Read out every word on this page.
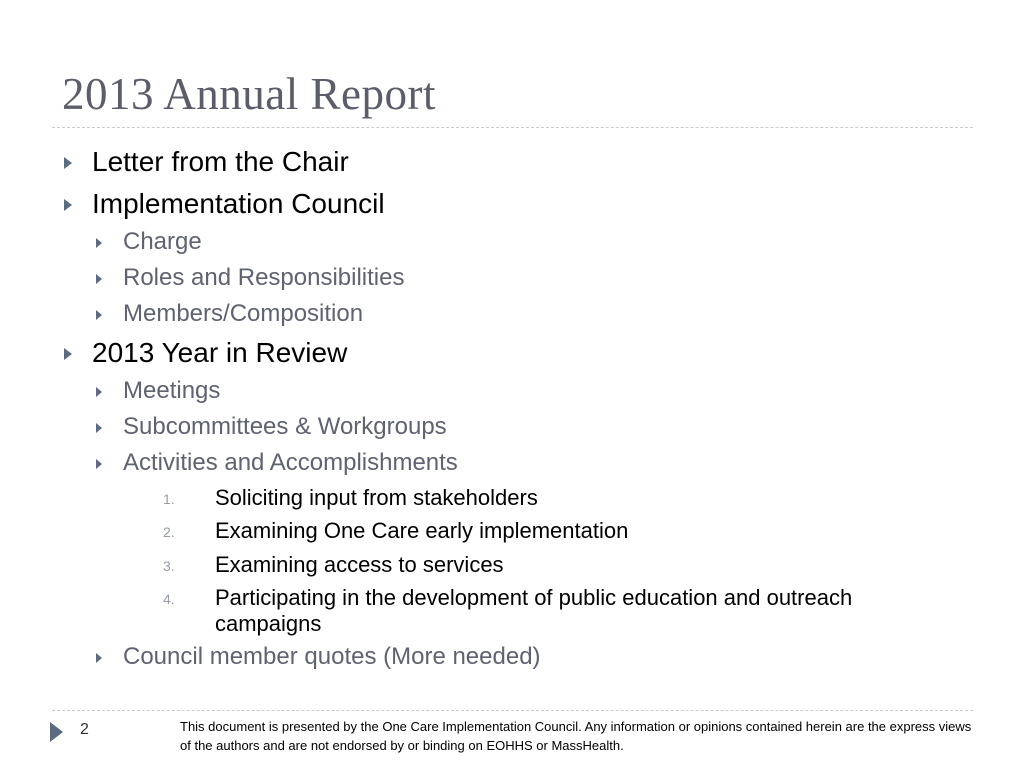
2013 Annual Report
Letter from the Chair
Implementation Council
Charge
Roles and Responsibilities
Members/Composition
2013 Year in Review
Meetings
Subcommittees & Workgroups
Activities and Accomplishments
1.	Soliciting input from stakeholders
2.	Examining One Care early implementation
3.	Examining access to services
4.	Participating in the development of public education and outreach campaigns
Council member quotes (More needed)
2	This document is presented by the One Care Implementation Council. Any information or opinions contained herein are the express views of the authors and are not endorsed by or binding on EOHHS or MassHealth.
